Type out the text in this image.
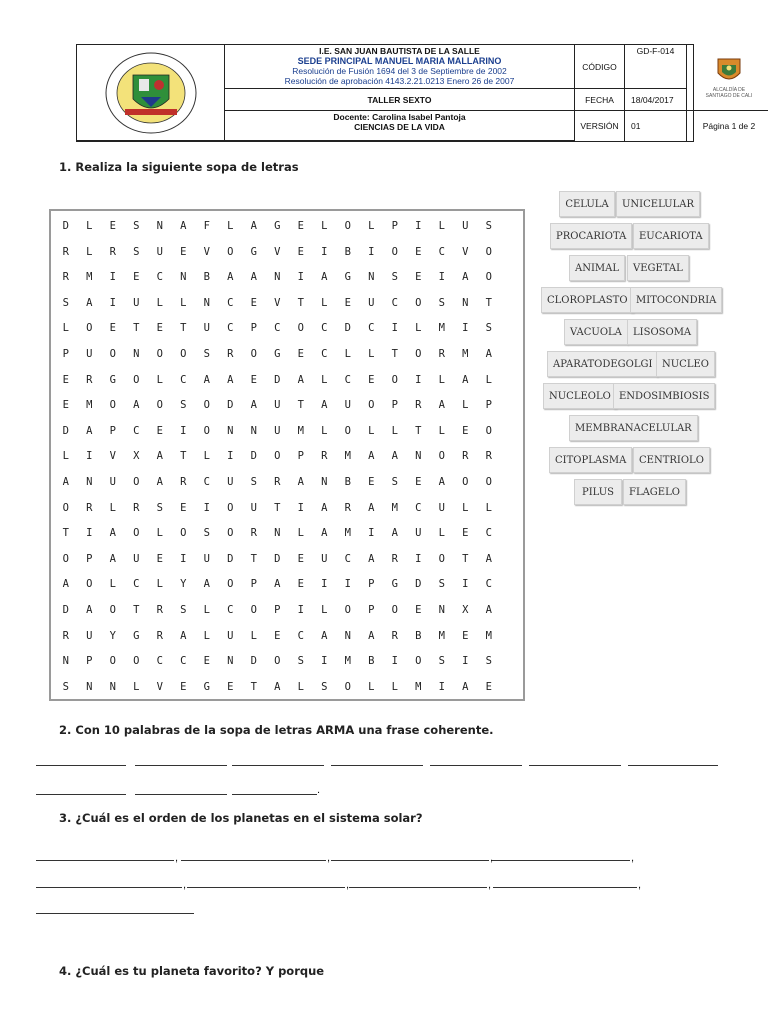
I.E. SAN JUAN BAUTISTA DE LA SALLE
SEDE PRINCIPAL MANUEL MARIA MALLARINO
Resolución de Fusión 1694 del 3 de Septiembre de 2002
Resolución de aprobación 4143.2.21.0213 Enero 26 de 2007
TALLER SEXTO
Docente: Carolina Isabel Pantoja
CIENCIAS DE LA VIDA
CÓDIGO
FECHA
VERSIÓN
GD-F-014
18/04/2017
01
ALCALDÍA DE
SANTIAGO DE CALI
Página 1 de 2
1. Realiza la siguiente sopa de letras
D	L	E	S	N	A	F	L	A	G	E	L	O	L	P	I	L	U	S
R	L	R	S	U	E	V	O	G	V	E	I	B	I	O	E	C	V	O
R	M	I	E	C	N	B	A	A	N	I	A	G	N	S	E	I	A	O
S	A	I	U	L	L	N	C	E	V	T	L	E	U	C	O	S	N	T
L	O	E	T	E	T	U	C	P	C	O	C	D	C	I	L	M	I	S
P	U	O	N	O	O	S	R	O	G	E	C	L	L	T	O	R	M	A
E	R	G	O	L	C	A	A	E	D	A	L	C	E	O	I	L	A	L
E	M	O	A	O	S	O	D	A	U	T	A	U	O	P	R	A	L	P
D	A	P	C	E	I	O	N	N	U	M	L	O	L	L	T	L	E	O
L	I	V	X	A	T	L	I	D	O	P	R	M	A	A	N	O	R	R
A	N	U	O	A	R	C	U	S	R	A	N	B	E	S	E	A	O	O
O	R	L	R	S	E	I	O	U	T	I	A	R	A	M	C	U	L	L
T	I	A	O	L	O	S	O	R	N	L	A	M	I	A	U	L	E	C
O	P	A	U	E	I	U	D	T	D	E	U	C	A	R	I	O	T	A
A	O	L	C	L	Y	A	O	P	A	E	I	I	P	G	D	S	I	C
D	A	O	T	R	S	L	C	O	P	I	L	O	P	O	E	N	X	A
R	U	Y	G	R	A	L	U	L	E	C	A	N	A	R	B	M	E	M
N	P	O	O	C	C	E	N	D	O	S	I	M	B	I	O	S	I	S
S	N	N	L	V	E	G	E	T	A	L	S	O	L	L	M	I	A	E
CELULA	UNICELULAR
PROCARIOTA	EUCARIOTA
ANIMAL	VEGETAL
CLOROPLASTO MITOCONDRIA
VACUOLA	LISOSOMA
APARATODEGOLGI NUCLEO
NUCLEOLO ENDOSIMBIOSIS
MEMBRANACELULAR
CITOPLASMA	CENTRIOLO
PILUS	FLAGELO
2. Con 10 palabras de la sopa de letras ARMA una frase coherente.
.
3. ¿Cuál es el orden de los planetas en el sistema solar?
,	,	,	,
,	,	,	,
4. ¿Cuál es tu planeta favorito? Y porque
